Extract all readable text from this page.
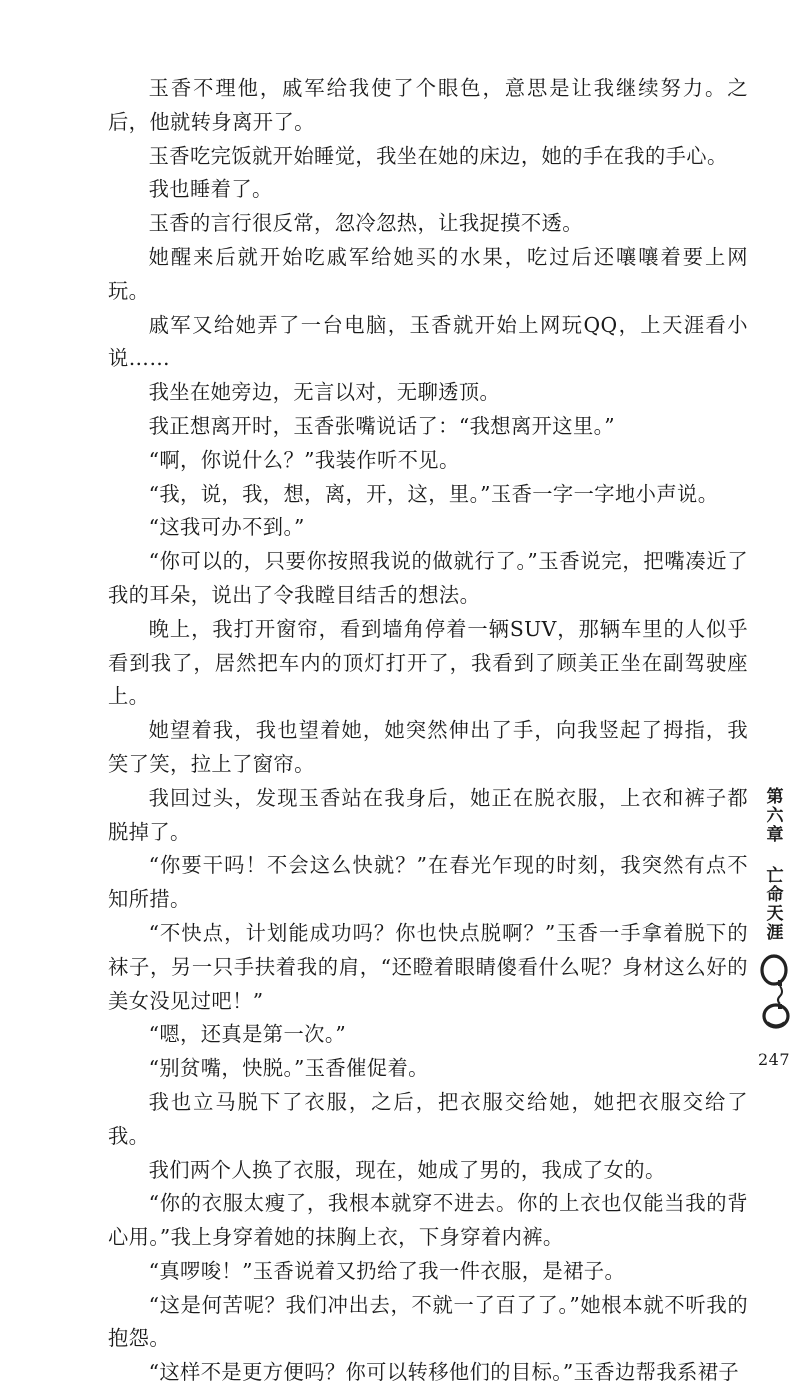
玉香不理他，戚军给我使了个眼色，意思是让我继续努力。之后，他就转身离开了。

玉香吃完饭就开始睡觉，我坐在她的床边，她的手在我的手心。

我也睡着了。

玉香的言行很反常，忽冷忽热，让我捉摸不透。

她醒来后就开始吃戚军给她买的水果，吃过后还嚷嚷着要上网玩。

戚军又给她弄了一台电脑，玉香就开始上网玩QQ，上天涯看小说……

我坐在她旁边，无言以对，无聊透顶。

我正想离开时，玉香张嘴说话了：“我想离开这里。”

“啊，你说什么？”我装作听不见。

“我，说，我，想，离，开，这，里。”玉香一字一字地小声说。

“这我可办不到。”

“你可以的，只要你按照我说的做就行了。”玉香说完，把嘴凑近了我的耳朵，说出了令我瞠目结舌的想法。

晚上，我打开窗帘，看到墙角停着一辆SUV，那辆车里的人似乎看到我了，居然把车内的顶灯打开了，我看到了顾美正坐在副驾驶座上。

她望着我，我也望着她，她突然伸出了手，向我竖起了拇指，我笑了笑，拉上了窗帘。

我回过头，发现玉香站在我身后，她正在脱衣服，上衣和裤子都脱掉了。

“你要干吗！不会这么快就？”在春光乍现的时刻，我突然有点不知所措。

“不快点，计划能成功吗？你也快点脱啊？”玉香一手拿着脱下的袜子，另一只手扶着我的肩，“还瞪着眼睛傻看什么呢？身材这么好的美女没见过吧！”

“嗯，还真是第一次。”

“别贫嘴，快脱。”玉香催促着。

我也立马脱下了衣服，之后，把衣服交给她，她把衣服交给了我。

我们两个人换了衣服，现在，她成了男的，我成了女的。

“你的衣服太瘦了，我根本就穿不进去。你的上衣也仅能当我的背心用。”我上身穿着她的抹胸上衣，下身穿着内裤。

“真啰唆！”玉香说着又扔给了我一件衣服，是裙子。

“这是何苦呢？我们冲出去，不就一了百了了。”她根本就不听我的抱怨。

“这样不是更方便吗？你可以转移他们的目标。”玉香边帮我系裙子

第六章
亡命天涯
247
